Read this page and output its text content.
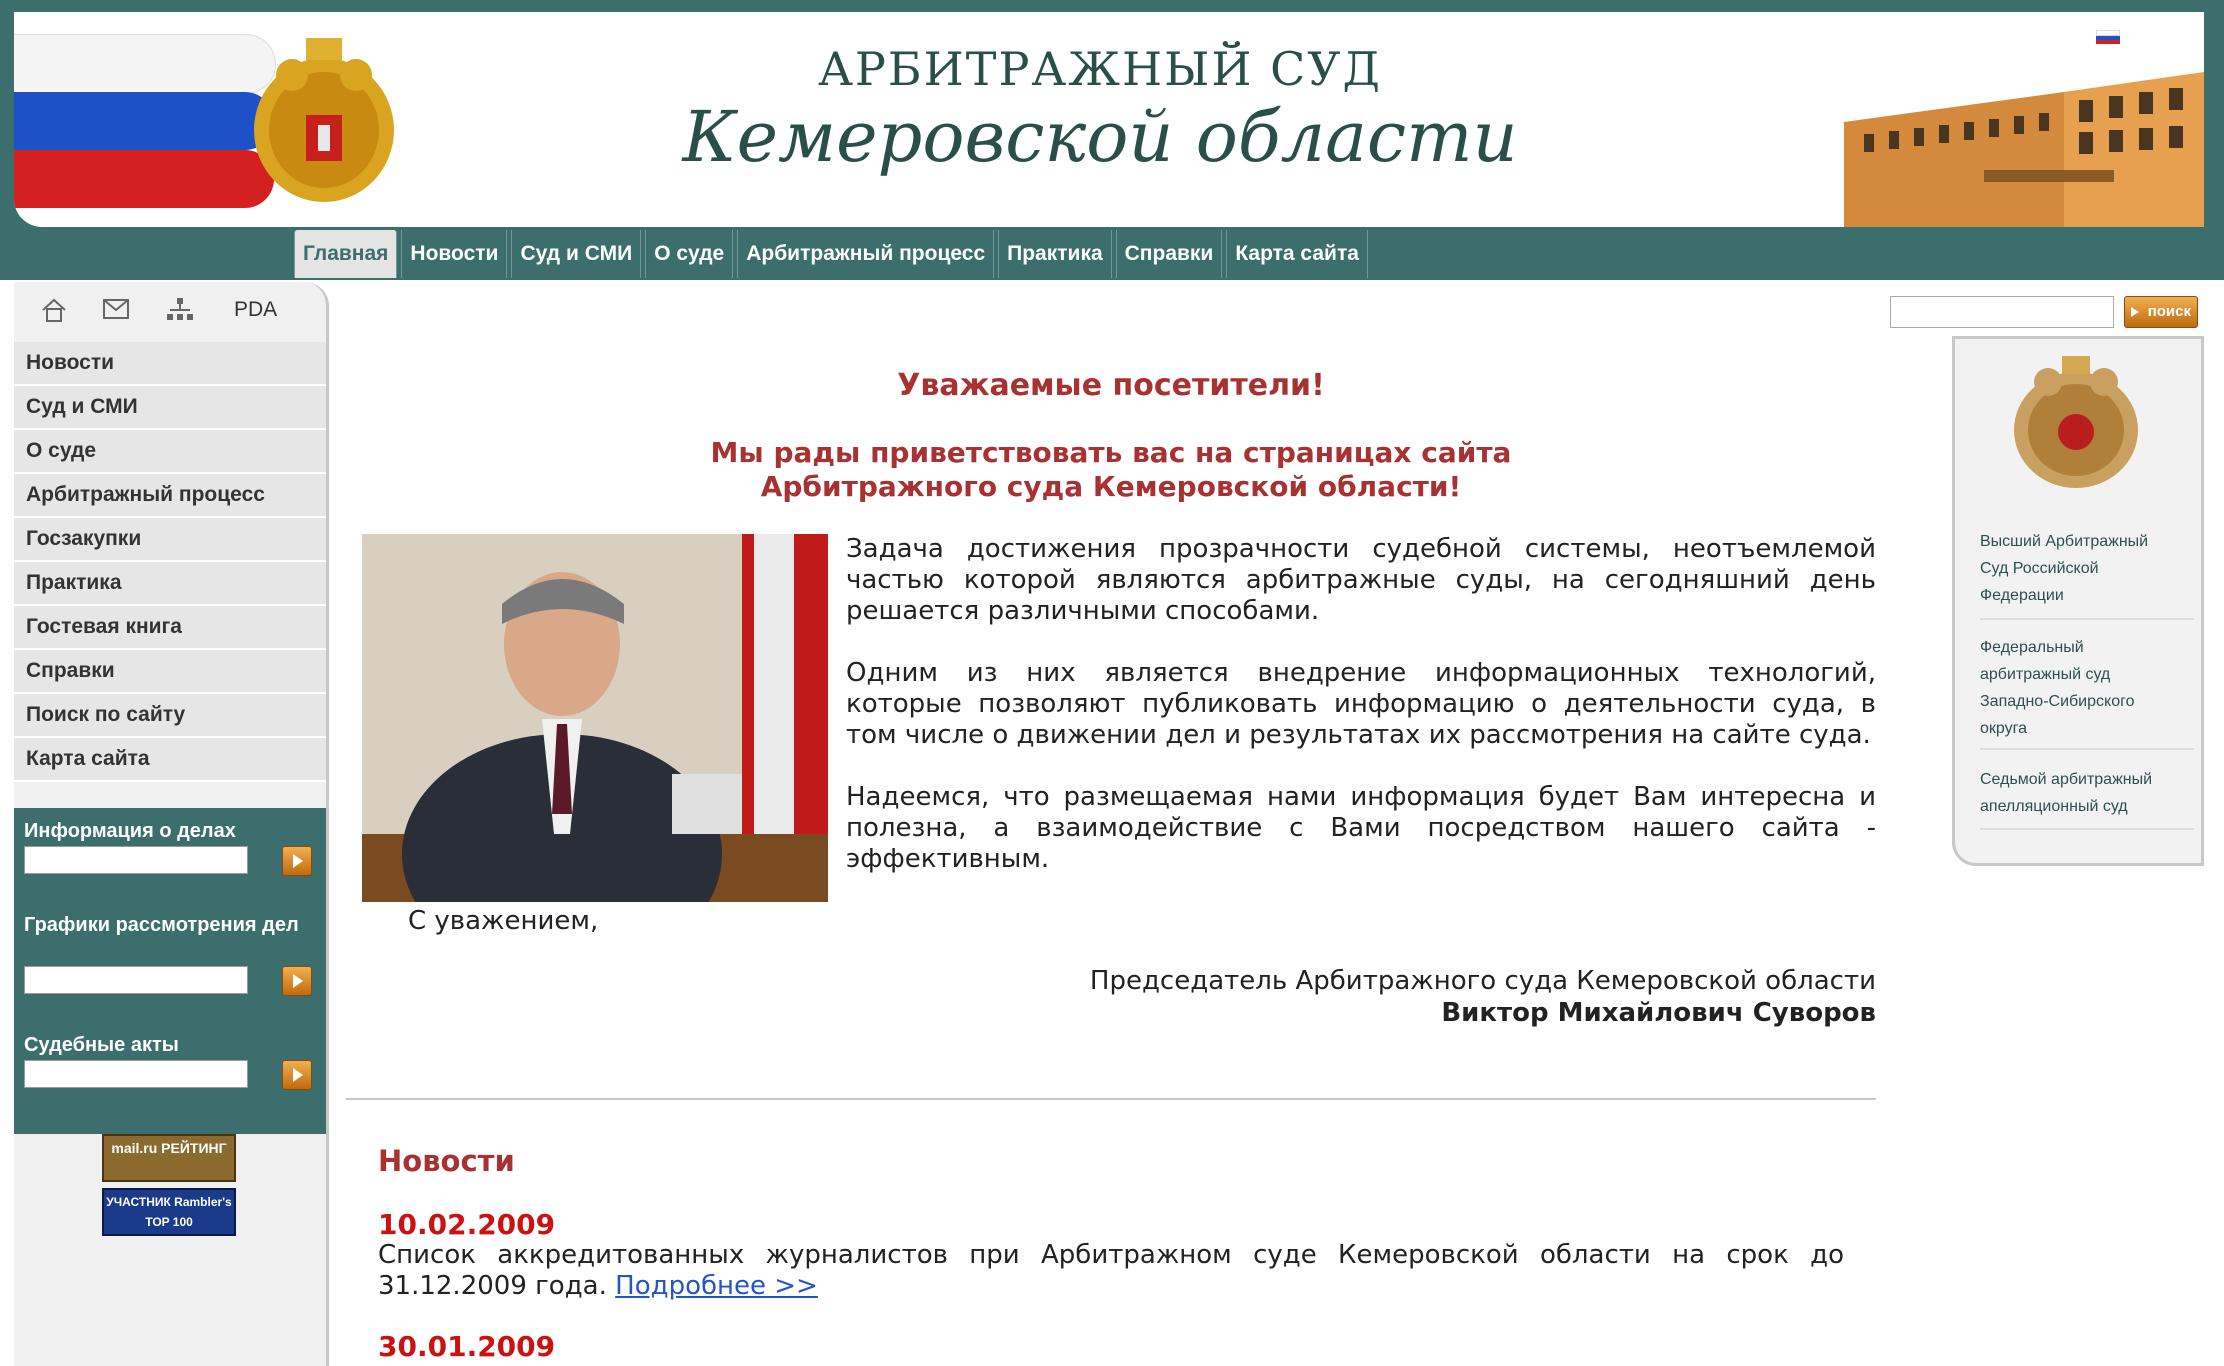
АРБИТРАЖНЫЙ СУД
Кемеровской области
Главная	Новости	Суд и СМИ	О суде	Арбитражный процесс	Практика	Справки	Карта сайта
PDA
Новости
Суд и СМИ
О суде
Арбитражный процесс
Госзакупки
Практика
Гостевая книга
Справки
Поиск по сайту
Карта сайта
Информация о делах
Графики рассмотрения дел
Судебные акты
mail.ru РЕЙТИНГ
УЧАСТНИК Rambler's TOP 100
поиск
Высший Арбитражный Суд Российской Федерации
Федеральный арбитражный суд Западно-Сибирского округа
Седьмой арбитражный апелляционный суд
Уважаемые посетители!
Мы рады приветствовать вас на страницах сайта
Арбитражного суда Кемеровской области!
Задача достижения прозрачности судебной системы, неотъемлемой частью которой являются арбитражные суды, на сегодняшний день решается различными способами.
Одним из них является внедрение информационных технологий, которые позволяют публиковать информацию о деятельности суда, в том числе о движении дел и результатах их рассмотрения на сайте суда.
Надеемся, что размещаемая нами информация будет Вам интересна и полезна, а взаимодействие с Вами посредством нашего сайта - эффективным.
С уважением,
Председатель Арбитражного суда Кемеровской области
Виктор Михайлович Суворов
Новости
10.02.2009
Список аккредитованных журналистов при Арбитражном суде Кемеровской области на срок до 31.12.2009 года. Подробнее >>
30.01.2009
